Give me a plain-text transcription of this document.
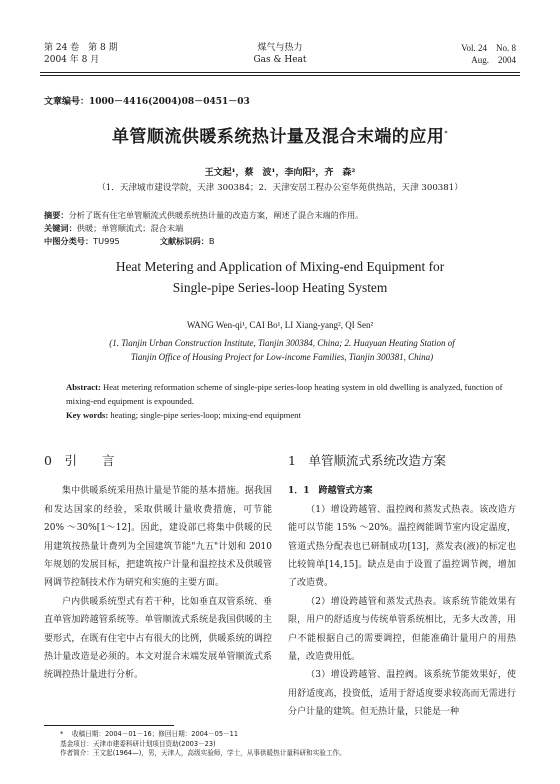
第 24 卷　第 8 期
2004 年 8 月
煤气与热力
Gas & Heat
Vol. 24　No. 8
Aug.　2004
文章编号：1000－4416(2004)08－0451－03
单管顺流供暖系统热计量及混合末端的应用*
王文起¹，蔡　波¹，李向阳²，齐　森²
（1．天津城市建设学院，天津 300384；2．天津安居工程办公室华苑供热站，天津 300381）
摘要：分析了既有住宅单管顺流式供暖系统热计量的改造方案，阐述了混合末端的作用。
关键词：供暖；单管顺流式；混合末端
中图分类号：TU995	文献标识码：B
Heat Metering and Application of Mixing-end Equipment for
Single-pipe Series-loop Heating System
WANG Wen-qi¹, CAI Bo¹, LI Xiang-yang², QI Sen²
(1. Tianjin Urban Construction Institute, Tianjin 300384, China; 2. Huayuan Heating Station of
Tianjin Office of Housing Project for Low-income Families, Tianjin 300381, China)
Abstract: Heat metering reformation scheme of single-pipe series-loop heating system in old dwelling is analyzed, function of mixing-end equipment is expounded.
Key words: heating; single-pipe series-loop; mixing-end equipment
0　引　　言

集中供暖系统采用热计量是节能的基本措施。据我国和发达国家的经验，采取供暖计量收费措施，可节能 20% ～30%[1～12]。因此，建设部已将集中供暖的民用建筑按热量计费列为全国建筑节能"九五"计划和 2010 年规划的发展目标，把建筑按户计量和温控技术及供暖管网调节控制技术作为研究和实施的主要方面。

户内供暖系统型式有若干种，比如垂直双管系统、垂直单管加跨越管系统等。单管顺流式系统是我国供暖的主要形式，在既有住宅中占有很大的比例，供暖系统的调控热计量改造是必须的。本文对混合末端发展单管顺流式系统调控热计量进行分析。

1　单管顺流式系统改造方案
1．1　跨越管式方案

（1）增设跨越管、温控阀和蒸发式热表。该改造方能可以节能 15% ～20%。温控阀能调节室内设定温度，管道式热分配表也已研制成功[13]，蒸发表(液)的标定也比较简单[14,15]。缺点是由于设置了温控调节阀，增加了改造费。

（2）增设跨越管和蒸发式热表。该系统节能效果有限，用户的舒适度与传统单管系统相比，无多大改善，用户不能根据自己的需要调控，但能准确计量用户的用热量，改造费用低。

（3）增设跨越管、温控阀。该系统节能效果好，使用舒适度高，投资低，适用于舒适度要求较高而无需进行分户计量的建筑。但无热计量，只能是一种

* 　收稿日期：2004－01－16；修回日期：2004－05－11
基金项目：天津市建委科研计划项目资助(2003－23)
作者简介：王文起(1964—)，男，天津人，高级实验师，学士，从事供暖热计量科研和实验工作。
